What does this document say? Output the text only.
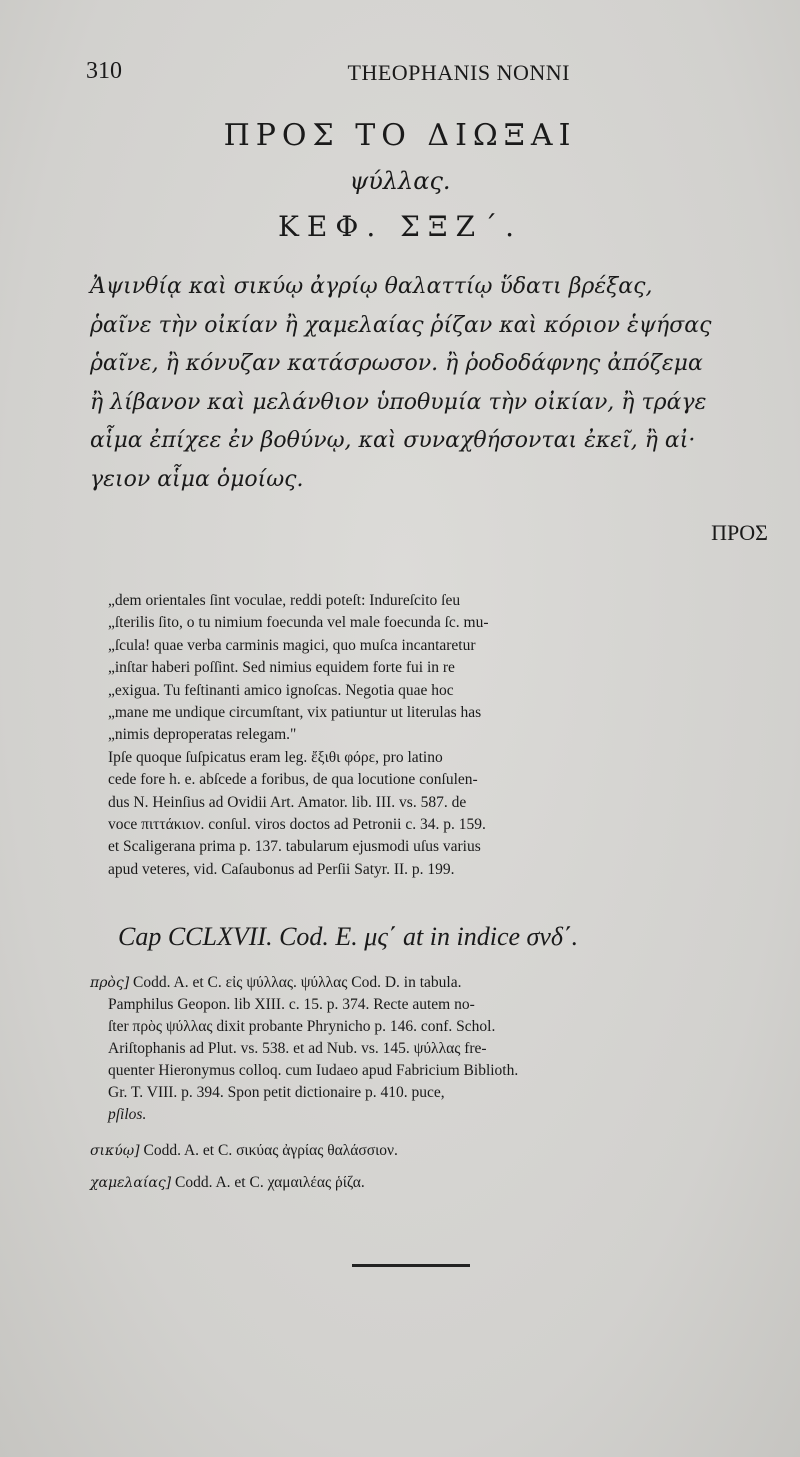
310	THEOPHANIS NONNI
ΠΡΟΣ ΤΟ ΔΙΩΞΑΙ
ψύλλας.
ΚΕΦ. ΣΞΖ΄.
Ἀψινθίᾳ καὶ σικύῳ ἀγρίῳ θαλαττίῳ ὕδατι βρέξας,
ῥαῖνε τὴν οἰκίαν ἢ χαμελαίας ῥίζαν καὶ κόριον ἑψήσας
ῥαῖνε, ἢ κόνυζαν κατάσρωσον. ἢ ῥοδοδάφνης ἀπόζεμα
ἢ λίβανον καὶ μελάνθιον ὑποθυμία τὴν οἰκίαν, ἢ τράγε
αἷμα ἐπίχεε ἐν βοθύνῳ, καὶ συναχθήσονται ἐκεῖ, ἢ αἰ·
γειον αἷμα ὁμοίως.
ΠΡΟΣ
„dem orientales ſint voculae, reddi poteſt: Indureſcito ſeu
„ſterilis ſito, o tu nimium foecunda vel male foecunda ſc. mu-
„ſcula! quae verba carminis magici, quo muſca incantaretur
„inſtar haberi poſſint. Sed nimius equidem forte fui in re
„exigua. Tu feſtinanti amico ignoſcas. Negotia quae hoc
„mane me undique circumſtant, vix patiuntur ut literulas has
„nimis deproperatas relegam."
Ipſe quoque ſuſpicatus eram leg. ἔξιθι φόρε, pro latino
cede fore h. e. abſcede a foribus, de qua locutione conſulen-
dus N. Heinſius ad Ovidii Art. Amator. lib. III. vs. 587. de
voce πιττάκιον. conſul. viros doctos ad Petronii c. 34. p. 159.
et Scaligerana prima p. 137. tabularum ejusmodi uſus varius
apud veteres, vid. Caſaubonus ad Perſii Satyr. II. p. 199.
Cap CCLXVII. Cod. E. μς΄ at in indice σνδ΄.
πρὸς] Codd. A. et C. εἰς ψύλλας. ψύλλας Cod. D. in tabula.
Pamphilus Geopon. lib XIII. c. 15. p. 374. Recte autem no-
ſter πρὸς ψύλλας dixit probante Phrynicho p. 146. conf. Schol.
Ariſtophanis ad Plut. vs. 538. et ad Nub. vs. 145. ψύλλας fre-
quenter Hieronymus colloq. cum Iudaeo apud Fabricium Biblioth.
Gr. T. VIII. p. 394. Spon petit dictionaire p. 410. puce,
pſilos.
σικύῳ] Codd. A. et C. σικύας ἀγρίας θαλάσσιον.
χαμελαίας] Codd. A. et C. χαμαιλέας ῥίζα.
